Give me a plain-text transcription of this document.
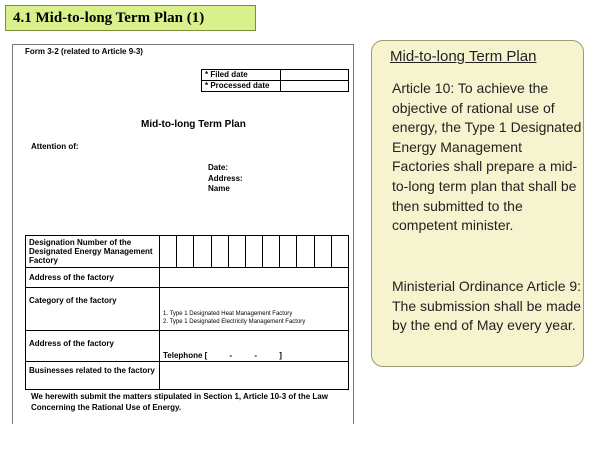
4.1 Mid-to-long Term Plan (1)
Form 3-2 (related to Article 9-3)
* Filed date	
* Processed date	
Mid-to-long Term Plan
Attention of:
Date:
Address:
Name
Designation Number of the Designated Energy Management Factory											
Address of the factory											
Category of the factory	1. Type 1 Designated Heat Management Factory
2. Type 1 Designated Electricity Management Factory										

Address of the factory	Telephone [          -          -          ]										
Businesses related to the factory											
We herewith submit the matters stipulated in Section 1, Article 10-3 of the Law Concerning the Rational Use of Energy.
Mid-to-long Term Plan
Article 10: To achieve the objective of rational use of energy, the Type 1 Designated Energy Management Factories shall prepare a mid-to-long term plan that shall be then submitted to the competent minister.
Ministerial Ordinance Article 9: The submission shall be made by the end of May every year.
